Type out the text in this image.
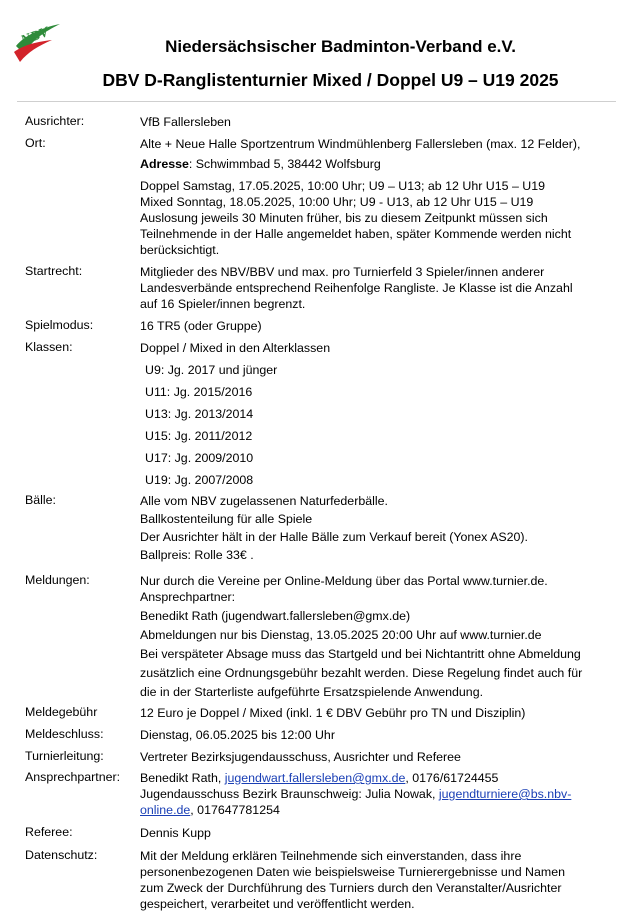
NBV	Niedersächsischer Badminton-Verband e.V.
DBV D-Ranglistenturnier Mixed / Doppel U9 – U19 2025
Ausrichter:	VfB Fallersleben
Ort:	Alte + Neue Halle Sportzentrum Windmühlenberg Fallersleben (max. 12 Felder),
Adresse: Schwimmbad 5, 38442 Wolfsburg
Doppel Samstag, 17.05.2025, 10:00 Uhr; U9 – U13; ab 12 Uhr U15 – U19
Mixed Sonntag, 18.05.2025, 10:00 Uhr; U9 - U13, ab 12 Uhr U15 – U19
Auslosung jeweils 30 Minuten früher, bis zu diesem Zeitpunkt müssen sich
Teilnehmende in der Halle angemeldet haben, später Kommende werden nicht
berücksichtigt.
Startrecht:	Mitglieder des NBV/BBV und max. pro Turnierfeld 3 Spieler/innen anderer
Landesverbände entsprechend Reihenfolge Rangliste. Je Klasse ist die Anzahl
auf 16 Spieler/innen begrenzt.
Spielmodus:	16 TR5 (oder Gruppe)
Klassen:	Doppel / Mixed in den Alterklassen
U9: Jg. 2017 und jünger
U11: Jg. 2015/2016
U13: Jg. 2013/2014
U15: Jg. 2011/2012
U17: Jg. 2009/2010
U19: Jg. 2007/2008
Bälle:	Alle vom NBV zugelassenen Naturfederbälle.
Ballkostenteilung für alle Spiele
Der Ausrichter hält in der Halle Bälle zum Verkauf bereit (Yonex AS20).
Ballpreis: Rolle 33€ .
Meldungen:	Nur durch die Vereine per Online-Meldung über das Portal www.turnier.de.
Ansprechpartner:
Benedikt Rath (jugendwart.fallersleben@gmx.de)
Abmeldungen nur bis Dienstag, 13.05.2025 20:00 Uhr auf www.turnier.de
Bei verspäteter Absage muss das Startgeld und bei Nichtantritt ohne Abmeldung
zusätzlich eine Ordnungsgebühr bezahlt werden. Diese Regelung findet auch für
die in der Starterliste aufgeführte Ersatzspielende Anwendung.
Meldegebühr	12 Euro je Doppel / Mixed (inkl. 1 € DBV Gebühr pro TN und Disziplin)
Meldeschluss:	Dienstag, 06.05.2025 bis 12:00 Uhr
Turnierleitung:	Vertreter Bezirksjugendausschuss, Ausrichter und Referee
Ansprechpartner: Benedikt Rath, jugendwart.fallersleben@gmx.de, 0176/61724455
Jugendausschuss Bezirk Braunschweig: Julia Nowak, jugendturniere@bs.nbv-
online.de, 017647781254
Referee:	Dennis Kupp
Datenschutz:	Mit der Meldung erklären Teilnehmende sich einverstanden, dass ihre
personenbezogenen Daten wie beispielsweise Turnierergebnisse und Namen
zum Zweck der Durchführung des Turniers durch den Veranstalter/Ausrichter
gespeichert, verarbeitet und veröffentlicht werden.
